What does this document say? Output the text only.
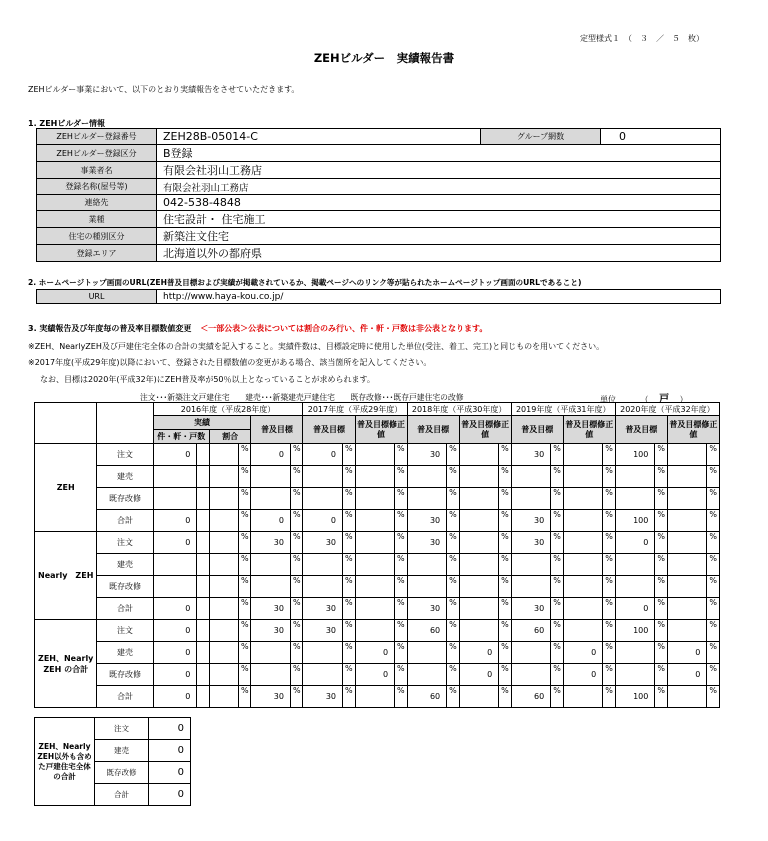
定型様式１　（　３　／　５　枚）
ZEHビルダー　実績報告書
ZEHビルダー事業において、以下のとおり実績報告をさせていただきます。
1. ZEHビルダー情報
ZEHビルダー登録番号	ZEH28B-05014-C	グループ網数	0
ZEHビルダー登録区分	B登録		
事業者名	有限会社羽山工務店		
登録名称(屋号等)	有限会社羽山工務店		
連絡先	042-538-4848		
業種	住宅設計・ 住宅施工		
住宅の種別区分	新築注文住宅		
登録エリア	北海道以外の都府県		
2. ホームページトップ画面のURL(ZEH普及目標および実績が掲載されているか、掲載ページへのリンク等が貼られたホームページトップ画面のURLであること)
URL	http://www.haya-kou.co.jp/
3. 実績報告及び年度毎の普及率目標数値変更 ＜一部公表＞公表については割合のみ行い、件・軒・戸数は非公表となります。
※ZEH、NearlyZEH及び戸建住宅全体の合計の実績を記入すること。実績件数は、目標設定時に使用した単位(受注、着工、完工)と同じものを用いてください。
※2017年度(平成29年度)以降において、登録された目標数値の変更がある場合、該当箇所を記入してください。
なお、目標は2020年(平成32年)にZEH普及率が50％以上となっていることが求められます。
注文･･･新築注文戸建住宅　　建売･･･新築建売戸建住宅　　既存改修･･･既存戸建住宅の改修	単位	（ 戸 ）
		2016年度（平成28年度）						2017年度（平成29年度）				2018年度（平成30年度）				2019年度（平成31年度）				2020年度（平成32年度）			
		実績				普及目標		普及目標		普及目標修正値		普及目標		普及目標修正値		普及目標		普及目標修正値		普及目標		普及目標修正値	
		件・軒・戸数		割合																			
ZEH	注文	0			%	0	%	0	%		%	30	%		%	30	%		%	100	%		%
	建売				%		%		%		%		%		%		%		%		%		%
	既存改修				%		%		%		%		%		%		%		%		%		%
	合計	0			%	0	%	0	%		%	30	%		%	30	%		%	100	%		%
Nearly　ZEH	注文	0			%	30	%	30	%		%	30	%		%	30	%		%	0	%		%
	建売				%		%		%		%		%		%		%		%		%		%
	既存改修				%		%		%		%		%		%		%		%		%		%
	合計	0			%	30	%	30	%		%	30	%		%	30	%		%	0	%		%
ZEH、Nearly ZEH の合計	注文	0			%	30	%	30	%		%	60	%		%	60	%		%	100	%		%
	建売	0			%		%		%	0	%		%	0	%		%	0	%		%	0	%
	既存改修	0			%		%		%	0	%		%	0	%		%	0	%		%	0	%
	合計	0			%	30	%	30	%		%	60	%		%	60	%		%	100	%		%
ZEH、Nearly ZEH以外も含めた戸建住宅全体の合計	注文	0
	建売	0
	既存改修	0
	合計	0
